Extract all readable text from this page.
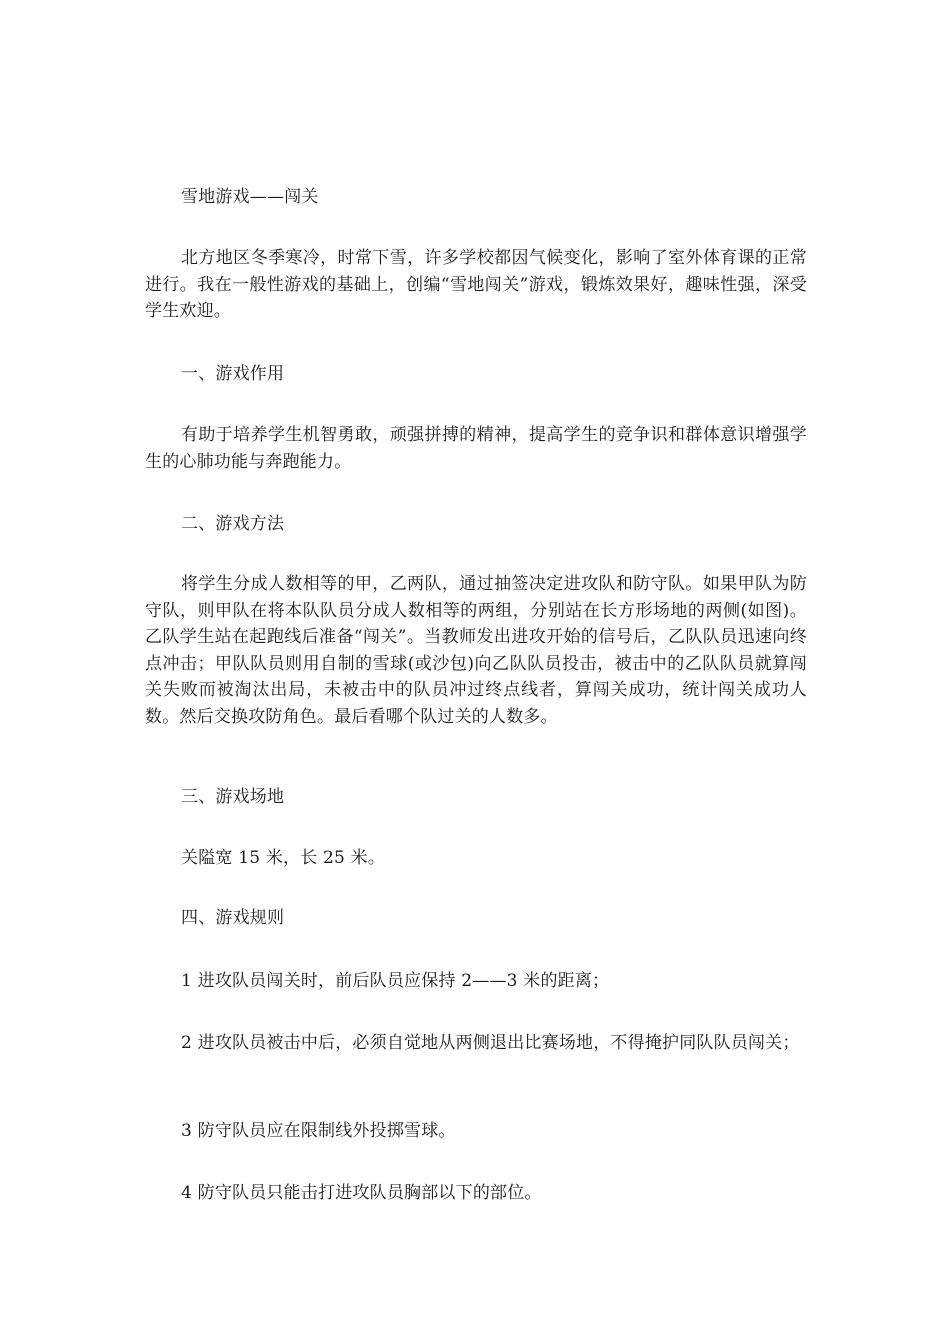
雪地游戏——闯关

北方地区冬季寒冷，时常下雪，许多学校都因气候变化，影响了室外体育课的正常进行。我在一般性游戏的基础上，创编“雪地闯关”游戏，锻炼效果好，趣味性强，深受学生欢迎。

一、游戏作用

有助于培养学生机智勇敢，顽强拼搏的精神，提高学生的竞争识和群体意识增强学生的心肺功能与奔跑能力。

二、游戏方法

将学生分成人数相等的甲，乙两队，通过抽签决定进攻队和防守队。如果甲队为防守队，则甲队在将本队队员分成人数相等的两组，分别站在长方形场地的两侧(如图)。乙队学生站在起跑线后准备“闯关”。当教师发出进攻开始的信号后，乙队队员迅速向终点冲击；甲队队员则用自制的雪球(或沙包)向乙队队员投击，被击中的乙队队员就算闯关失败而被淘汰出局，未被击中的队员冲过终点线者，算闯关成功，统计闯关成功人数。然后交换攻防角色。最后看哪个队过关的人数多。

三、游戏场地

关隘宽 15 米，长 25 米。

四、游戏规则

1 进攻队员闯关时，前后队员应保持 2——3 米的距离；

2 进攻队员被击中后，必须自觉地从两侧退出比赛场地，不得掩护同队队员闯关；

3 防守队员应在限制线外投掷雪球。

4 防守队员只能击打进攻队员胸部以下的部位。
